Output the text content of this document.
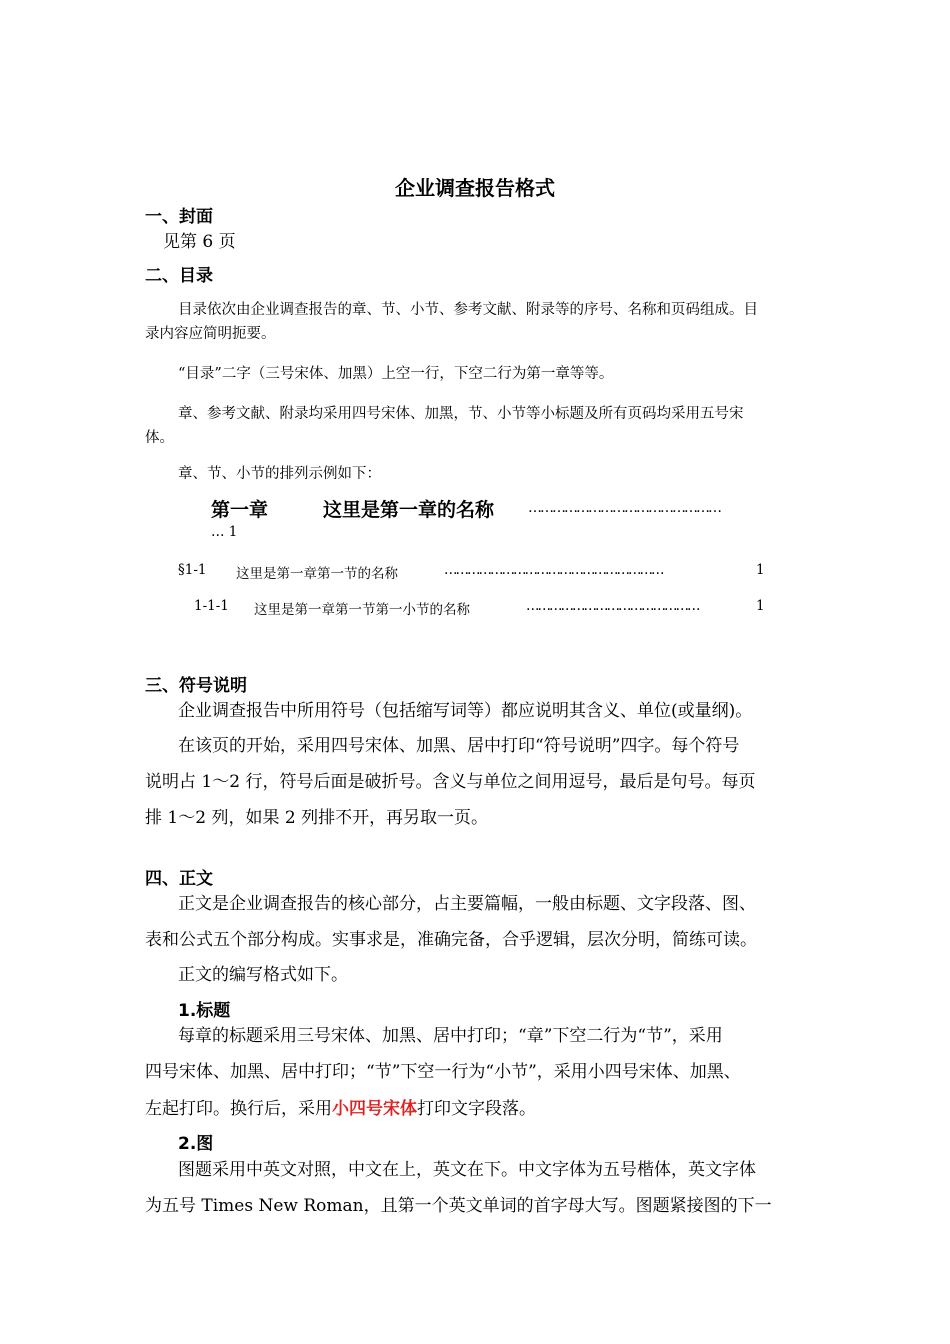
企业调查报告格式
一、封面
见第 6 页
二、目录
目录依次由企业调查报告的章、节、小节、参考文献、附录等的序号、名称和页码组成。目
录内容应简明扼要。
“目录”二字（三号宋体、加黑）上空一行，下空二行为第一章等等。
章、参考文献、附录均采用四号宋体、加黑，节、小节等小标题及所有页码均采用五号宋
体。
章、节、小节的排列示例如下：
第一章	这里是第一章的名称 …………………………………………
… 1
§1-1 这里是第一章第一节的名称	…………………………………………………	1
1-1-1 这里是第一章第一节第一小节的名称	………………………………………	1
三、符号说明
企业调查报告中所用符号（包括缩写词等）都应说明其含义、单位(或量纲)。
在该页的开始，采用四号宋体、加黑、居中打印“符号说明”四字。每个符号
说明占 1～2 行，符号后面是破折号。含义与单位之间用逗号，最后是句号。每页
排 1～2 列，如果 2 列排不开，再另取一页。
四、正文
正文是企业调查报告的核心部分，占主要篇幅，一般由标题、文字段落、图、
表和公式五个部分构成。实事求是，准确完备，合乎逻辑，层次分明，简练可读。
正文的编写格式如下。
1.标题
每章的标题采用三号宋体、加黑、居中打印；“章”下空二行为“节”，采用
四号宋体、加黑、居中打印；“节”下空一行为“小节”，采用小四号宋体、加黑、
左起打印。换行后，采用小四号宋体打印文字段落。
2.图
图题采用中英文对照，中文在上，英文在下。中文字体为五号楷体，英文字体
为五号 Times New Roman，且第一个英文单词的首字母大写。图题紧接图的下一
